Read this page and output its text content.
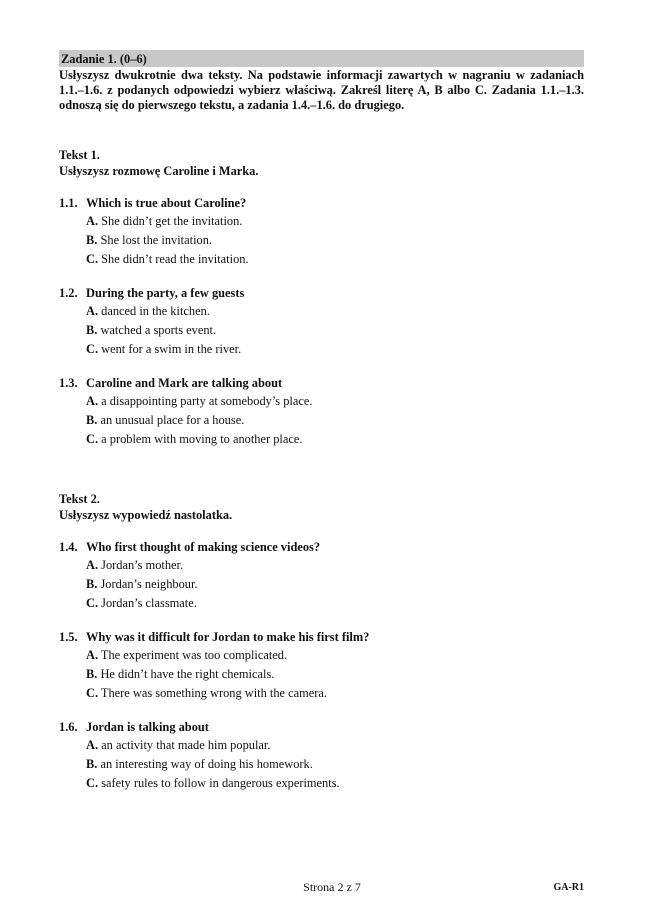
Zadanie 1. (0–6)
Usłyszysz dwukrotnie dwa teksty. Na podstawie informacji zawartych w nagraniu w zadaniach 1.1.–1.6. z podanych odpowiedzi wybierz właściwą. Zakreśl literę A, B albo C. Zadania 1.1.–1.3. odnoszą się do pierwszego tekstu, a zadania 1.4.–1.6. do drugiego.
Tekst 1.
Usłyszysz rozmowę Caroline i Marka.
1.1. Which is true about Caroline?
A. She didn’t get the invitation.
B. She lost the invitation.
C. She didn’t read the invitation.
1.2. During the party, a few guests
A. danced in the kitchen.
B. watched a sports event.
C. went for a swim in the river.
1.3. Caroline and Mark are talking about
A. a disappointing party at somebody’s place.
B. an unusual place for a house.
C. a problem with moving to another place.
Tekst 2.
Usłyszysz wypowiedź nastolatka.
1.4. Who first thought of making science videos?
A. Jordan’s mother.
B. Jordan’s neighbour.
C. Jordan’s classmate.
1.5. Why was it difficult for Jordan to make his first film?
A. The experiment was too complicated.
B. He didn’t have the right chemicals.
C. There was something wrong with the camera.
1.6. Jordan is talking about
A. an activity that made him popular.
B. an interesting way of doing his homework.
C. safety rules to follow in dangerous experiments.
Strona 2 z 7	GA-R1
